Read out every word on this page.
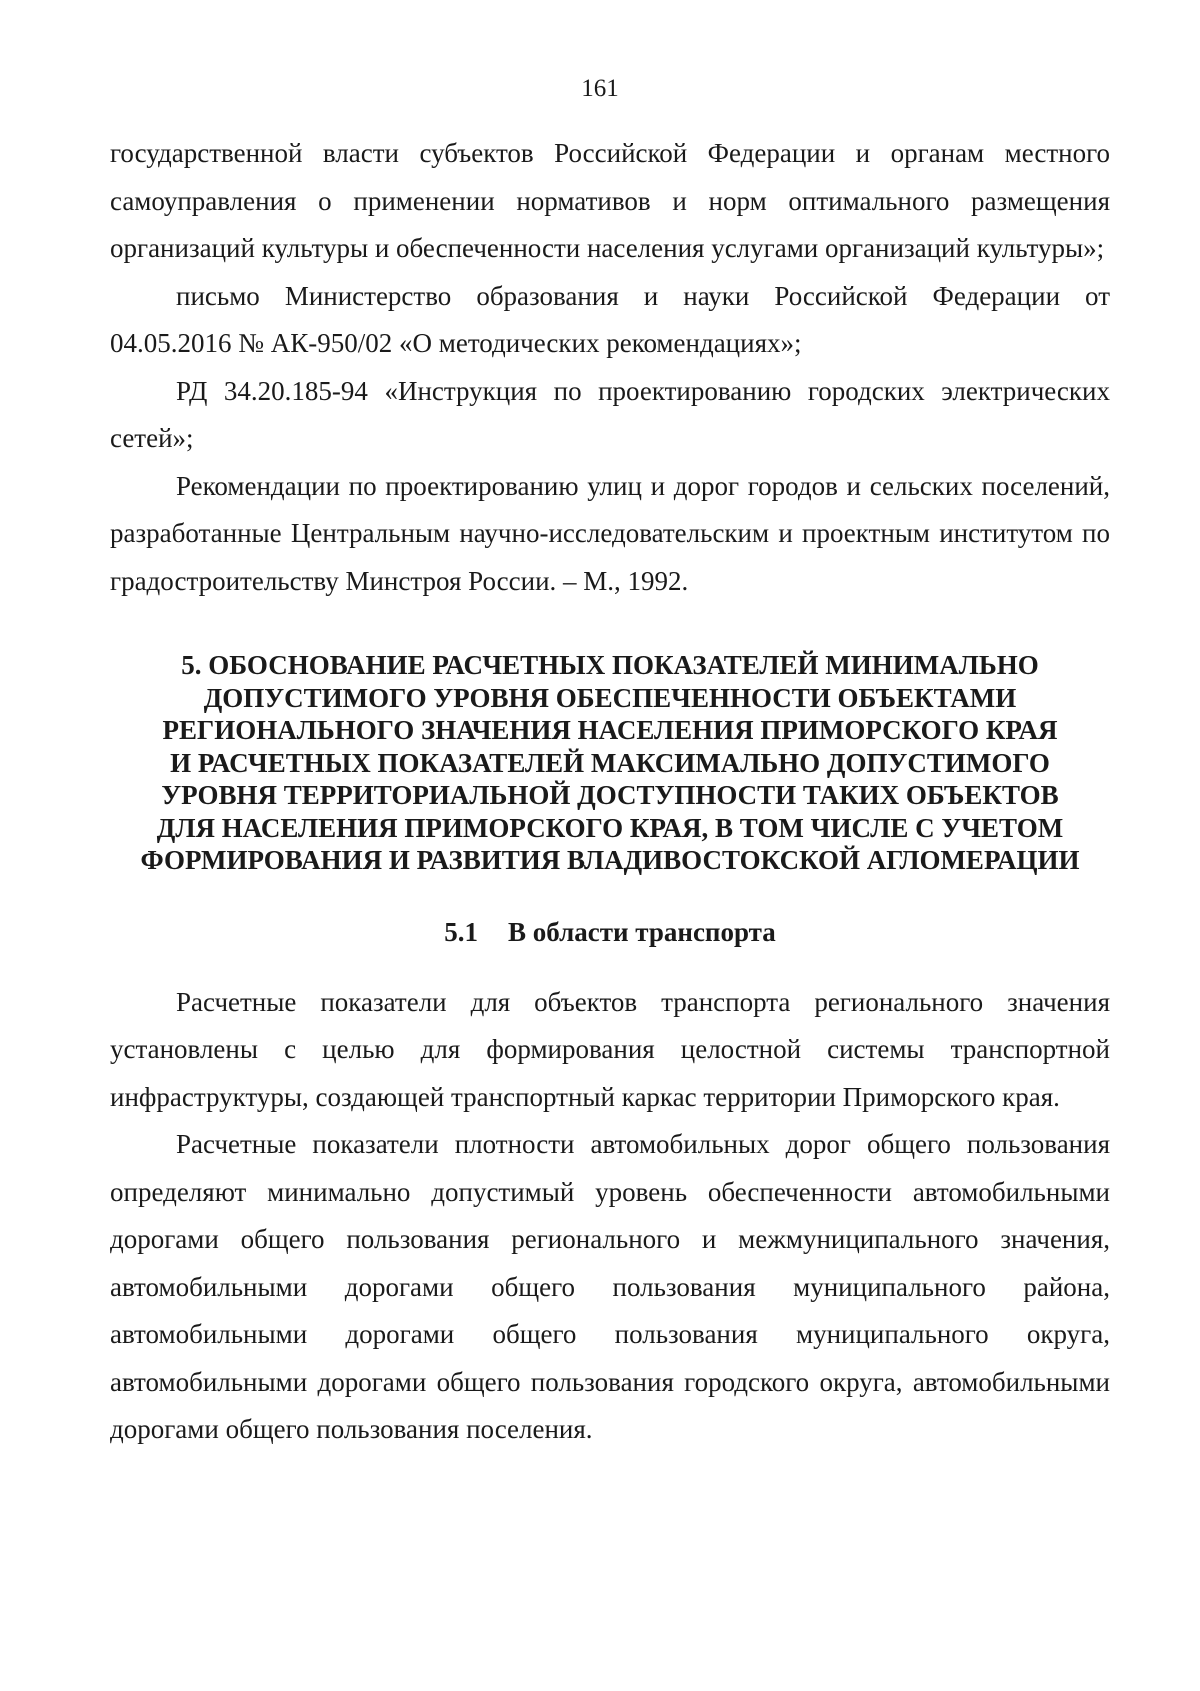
161

государственной власти субъектов Российской Федерации и органам местного самоуправления о применении нормативов и норм оптимального размещения организаций культуры и обеспеченности населения услугами организаций культуры»;

письмо Министерство образования и науки Российской Федерации от 04.05.2016 № АК-950/02 «О методических рекомендациях»;

РД 34.20.185-94 «Инструкция по проектированию городских электрических сетей»;

Рекомендации по проектированию улиц и дорог городов и сельских поселений, разработанные Центральным научно-исследовательским и проектным институтом по градостроительству Минстроя России. – М., 1992.

5. ОБОСНОВАНИЕ РАСЧЕТНЫХ ПОКАЗАТЕЛЕЙ МИНИМАЛЬНО
ДОПУСТИМОГО УРОВНЯ ОБЕСПЕЧЕННОСТИ ОБЪЕКТАМИ
РЕГИОНАЛЬНОГО ЗНАЧЕНИЯ НАСЕЛЕНИЯ ПРИМОРСКОГО КРАЯ
И РАСЧЕТНЫХ ПОКАЗАТЕЛЕЙ МАКСИМАЛЬНО ДОПУСТИМОГО
УРОВНЯ ТЕРРИТОРИАЛЬНОЙ ДОСТУПНОСТИ ТАКИХ ОБЪЕКТОВ
ДЛЯ НАСЕЛЕНИЯ ПРИМОРСКОГО КРАЯ, В ТОМ ЧИСЛЕ С УЧЕТОМ
ФОРМИРОВАНИЯ И РАЗВИТИЯ ВЛАДИВОСТОКСКОЙ АГЛОМЕРАЦИИ
5.1 В области транспорта

Расчетные показатели для объектов транспорта регионального значения установлены с целью для формирования целостной системы транспортной инфраструктуры, создающей транспортный каркас территории Приморского края.

Расчетные показатели плотности автомобильных дорог общего пользования определяют минимально допустимый уровень обеспеченности автомобильными дорогами общего пользования регионального и межмуниципального значения, автомобильными дорогами общего пользования муниципального района, автомобильными дорогами общего пользования муниципального округа, автомобильными дорогами общего пользования городского округа, автомобильными дорогами общего пользования поселения.
